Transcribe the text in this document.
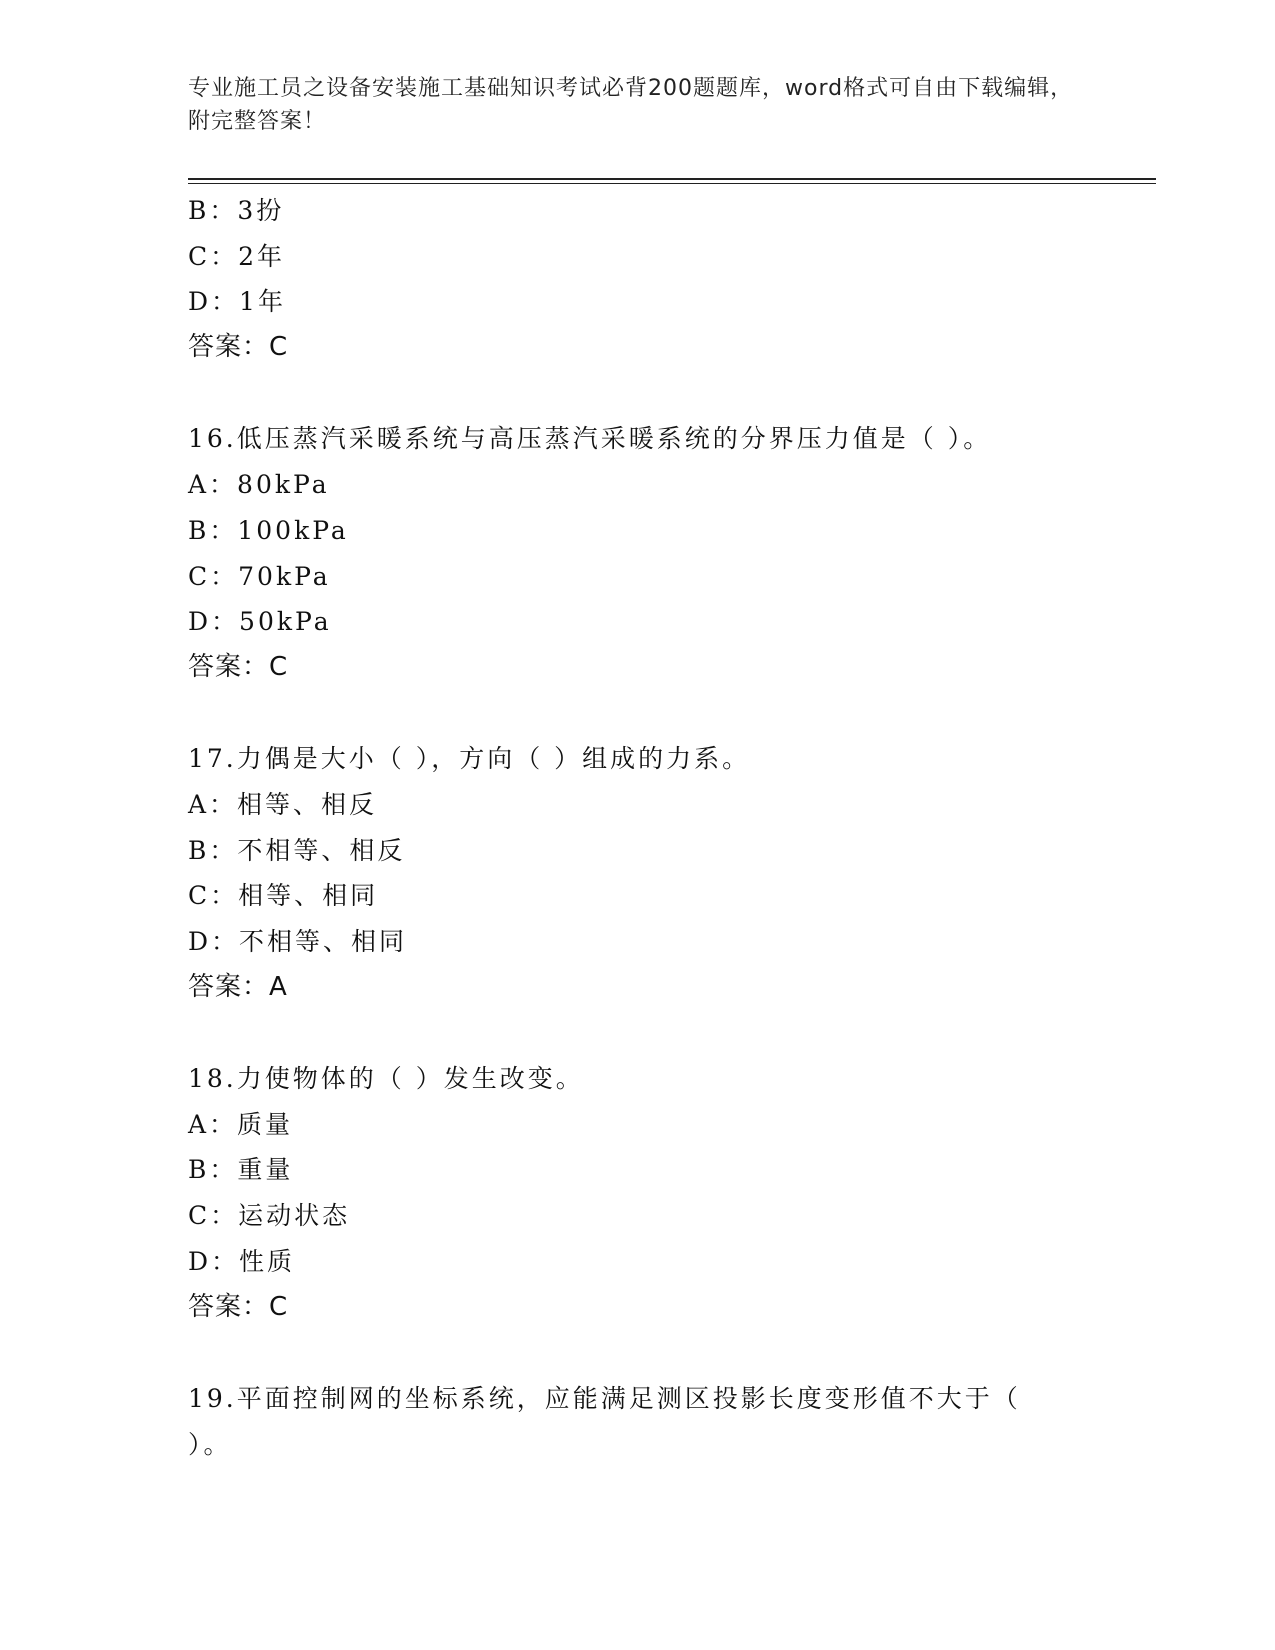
专业施工员之设备安装施工基础知识考试必背200题题库，word格式可自由下载编辑，附完整答案！
B：3扮
C：2年
D：1年
答案：C
16.低压蒸汽采暖系统与高压蒸汽采暖系统的分界压力值是（ ）。
A：80kPa
B：100kPa
C：70kPa
D：50kPa
答案：C
17.力偶是大小（ ），方向（ ）组成的力系。
A：相等、相反
B：不相等、相反
C：相等、相同
D：不相等、相同
答案：A
18.力使物体的（ ）发生改变。
A：质量
B：重量
C：运动状态
D：性质
答案：C
19.平面控制网的坐标系统，应能满足测区投影长度变形值不大于（
）。
